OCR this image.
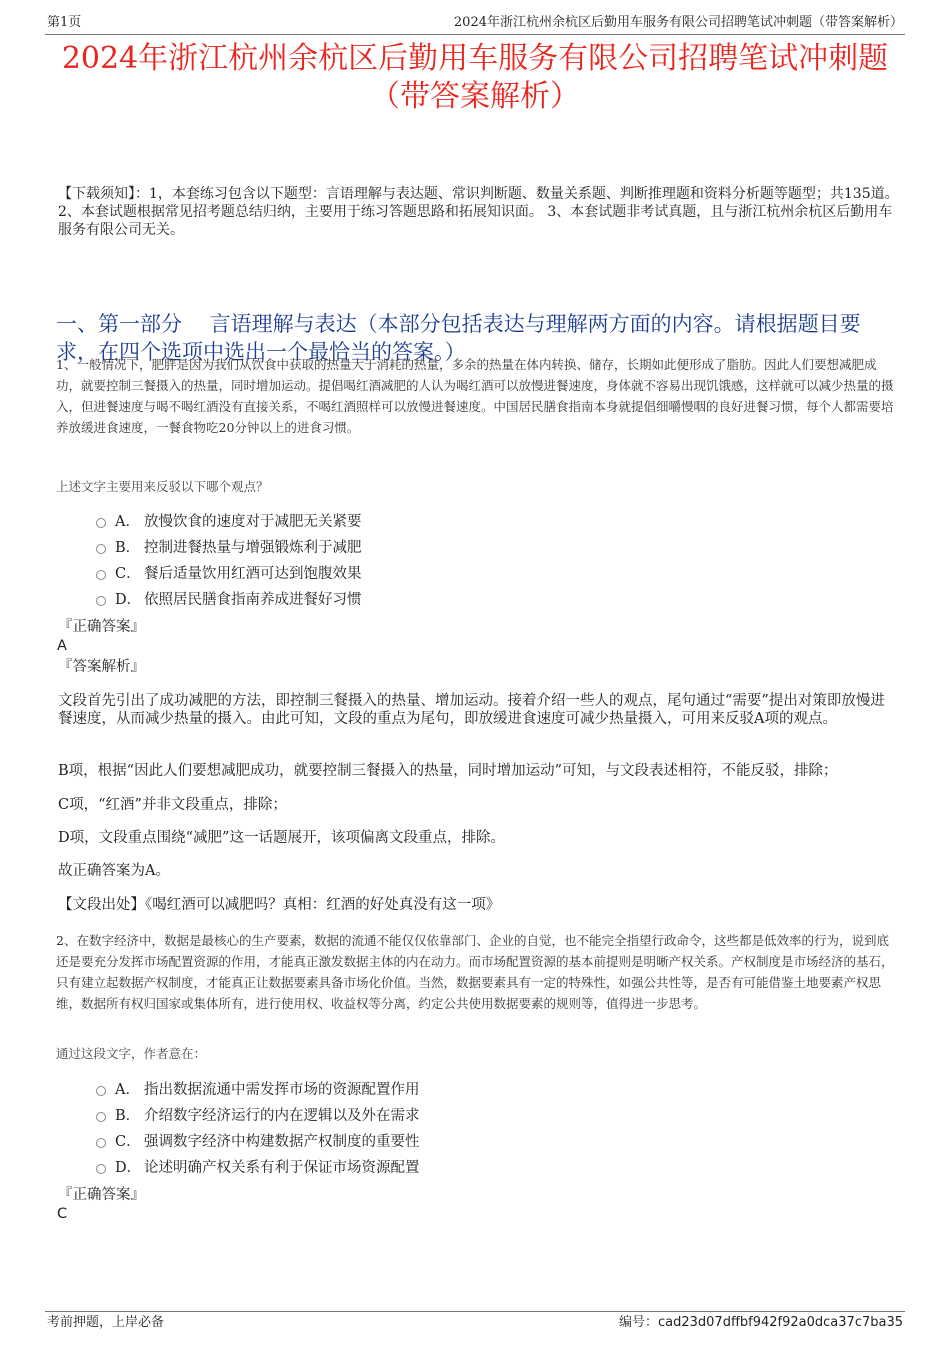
第1页	2024年浙江杭州余杭区后勤用车服务有限公司招聘笔试冲刺题（带答案解析）
2024年浙江杭州余杭区后勤用车服务有限公司招聘笔试冲刺题
（带答案解析）
【下载须知】：1，本套练习包含以下题型：言语理解与表达题、常识判断题、数量关系题、判断推理题和资料分析题等题型；共135道。 2、本套试题根据常见招考题总结归纳，主要用于练习答题思路和拓展知识面。 3、本套试题非考试真题，且与浙江杭州余杭区后勤用车服务有限公司无关。
一、第一部分　 言语理解与表达（本部分包括表达与理解两方面的内容。请根据题目要求，在四个选项中选出一个最恰当的答案。）
1、一般情况下，肥胖是因为我们从饮食中获取的热量大于消耗的热量，多余的热量在体内转换、储存，长期如此便形成了脂肪。因此人们要想减肥成功，就要控制三餐摄入的热量，同时增加运动。提倡喝红酒减肥的人认为喝红酒可以放慢进餐速度，身体就不容易出现饥饿感，这样就可以减少热量的摄入，但进餐速度与喝不喝红酒没有直接关系，不喝红酒照样可以放慢进餐速度。中国居民膳食指南本身就提倡细嚼慢咽的良好进餐习惯，每个人都需要培养放缓进食速度，一餐食物吃20分钟以上的进食习惯。
上述文字主要用来反驳以下哪个观点？
A． 放慢饮食的速度对于减肥无关紧要
B． 控制进餐热量与增强锻炼利于减肥
C． 餐后适量饮用红酒可达到饱腹效果
D． 依照居民膳食指南养成进餐好习惯
『正确答案』
A
『答案解析』
文段首先引出了成功减肥的方法，即控制三餐摄入的热量、增加运动。接着介绍一些人的观点，尾句通过“需要”提出对策即放慢进餐速度，从而减少热量的摄入。由此可知，文段的重点为尾句，即放缓进食速度可减少热量摄入，可用来反驳A项的观点。
B项，根据“因此人们要想减肥成功，就要控制三餐摄入的热量，同时增加运动”可知，与文段表述相符，不能反驳，排除；
C项，“红酒”并非文段重点，排除；
D项，文段重点围绕“减肥”这一话题展开，该项偏离文段重点，排除。
故正确答案为A。
【文段出处】《喝红酒可以减肥吗？真相：红酒的好处真没有这一项》
2、在数字经济中，数据是最核心的生产要素，数据的流通不能仅仅依靠部门、企业的自觉，也不能完全指望行政命令，这些都是低效率的行为，说到底还是要充分发挥市场配置资源的作用，才能真正激发数据主体的内在动力。而市场配置资源的基本前提则是明晰产权关系。产权制度是市场经济的基石，只有建立起数据产权制度，才能真正让数据要素具备市场化价值。当然，数据要素具有一定的特殊性，如强公共性等，是否有可能借鉴土地要素产权思维，数据所有权归国家或集体所有，进行使用权、收益权等分离，约定公共使用数据要素的规则等，值得进一步思考。
通过这段文字，作者意在：
A． 指出数据流通中需发挥市场的资源配置作用
B． 介绍数字经济运行的内在逻辑以及外在需求
C． 强调数字经济中构建数据产权制度的重要性
D． 论述明确产权关系有利于保证市场资源配置
『正确答案』
C
考前押题，上岸必备	编号：cad23d07dffbf942f92a0dca37c7ba35
